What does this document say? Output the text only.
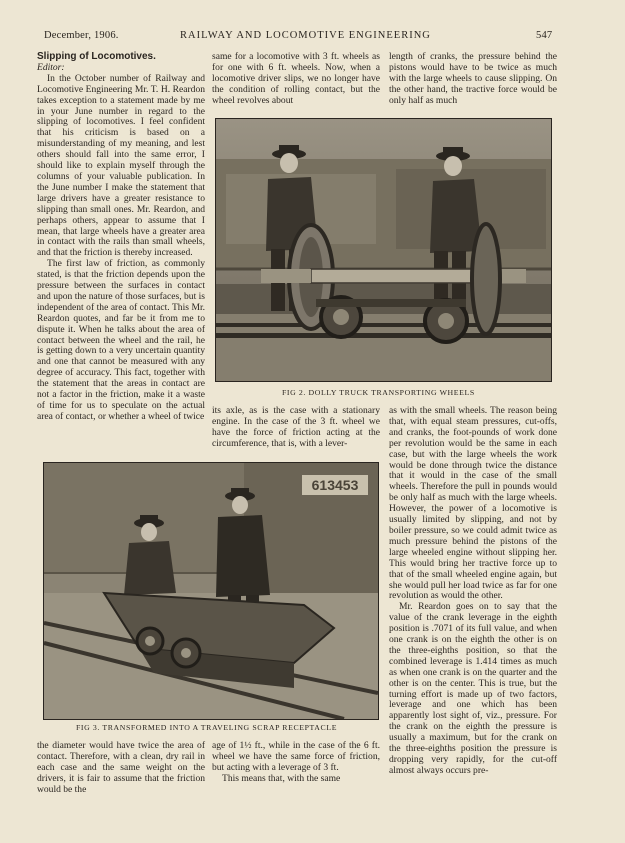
December, 1906.	RAILWAY AND LOCOMOTIVE ENGINEERING	547

Slipping of Locomotives.

Editor:

In the October number of Railway and Locomotive Engineering Mr. T. H. Reardon takes exception to a statement made by me in your June number in regard to the slipping of locomotives. I feel confident that his criticism is based on a misunderstanding of my meaning, and lest others should fall into the same error, I should like to explain myself through the columns of your valuable publication. In the June number I make the statement that large drivers have a greater resistance to slipping than small ones. Mr. Reardon, and perhaps others, appear to assume that I mean, that large wheels have a greater area in contact with the rails than small wheels, and that the friction is thereby increased.

The first law of friction, as commonly stated, is that the friction depends upon the pressure between the surfaces in contact and upon the nature of those surfaces, but is independent of the area of contact. This Mr. Reardon quotes, and far be it from me to dispute it. When he talks about the area of contact between the wheel and the rail, he is getting down to a very uncertain quantity and one that cannot be measured with any degree of accuracy. This fact, together with the statement that the areas in contact are not a factor in the friction, make it a waste of time for us to speculate on the actual area of contact, or whether a wheel of twice

same for a locomotive with 3 ft. wheels as for one with 6 ft. wheels. Now, when a locomotive driver slips, we no longer have the condition of rolling contact, but the wheel revolves about

length of cranks, the pressure behind the pistons would have to be twice as much with the large wheels to cause slipping. On the other hand, the tractive force would be only half as much

FIG 2. DOLLY TRUCK TRANSPORTING WHEELS

its axle, as is the case with a stationary engine. In the case of the 3 ft. wheel we have the force of friction acting at the circumference, that is, with a lever-

as with the small wheels. The reason being that, with equal steam pressures, cut-offs, and cranks, the foot-pounds of work done per revolution would be the same in each case, but with the large wheels the work would be done through twice the distance that it would in the case of the small wheels. Therefore the pull in pounds would be only half as much with the large wheels. However, the power of a locomotive is usually limited by slipping, and not by boiler pressure, so we could admit twice as much pressure behind the pistons of the large wheeled engine without slipping her. This would bring her tractive force up to that of the small wheeled engine again, but she would pull her load twice as far for one revolution as would the other.

Mr. Reardon goes on to say that the value of the crank leverage in the eighth position is .7071 of its full value, and when one crank is on the eighth the other is on the three-eighths position, so that the combined leverage is 1.414 times as much as when one crank is on the quarter and the other is on the center. This is true, but the turning effort is made up of two factors, leverage and one which has been apparently lost sight of, viz., pressure. For the crank on the eighth the pressure is usually a maximum, but for the crank on the three-eighths position the pressure is dropping very rapidly, for the cut-off almost always occurs pre-

613453
FIG 3. TRANSFORMED INTO A TRAVELING SCRAP RECEPTACLE

the diameter would have twice the area of contact. Therefore, with a clean, dry rail in each case and the same weight on the drivers, it is fair to assume that the friction would be the

age of 1½ ft., while in the case of the 6 ft. wheel we have the same force of friction, but acting with a leverage of 3 ft.

This means that, with the same
